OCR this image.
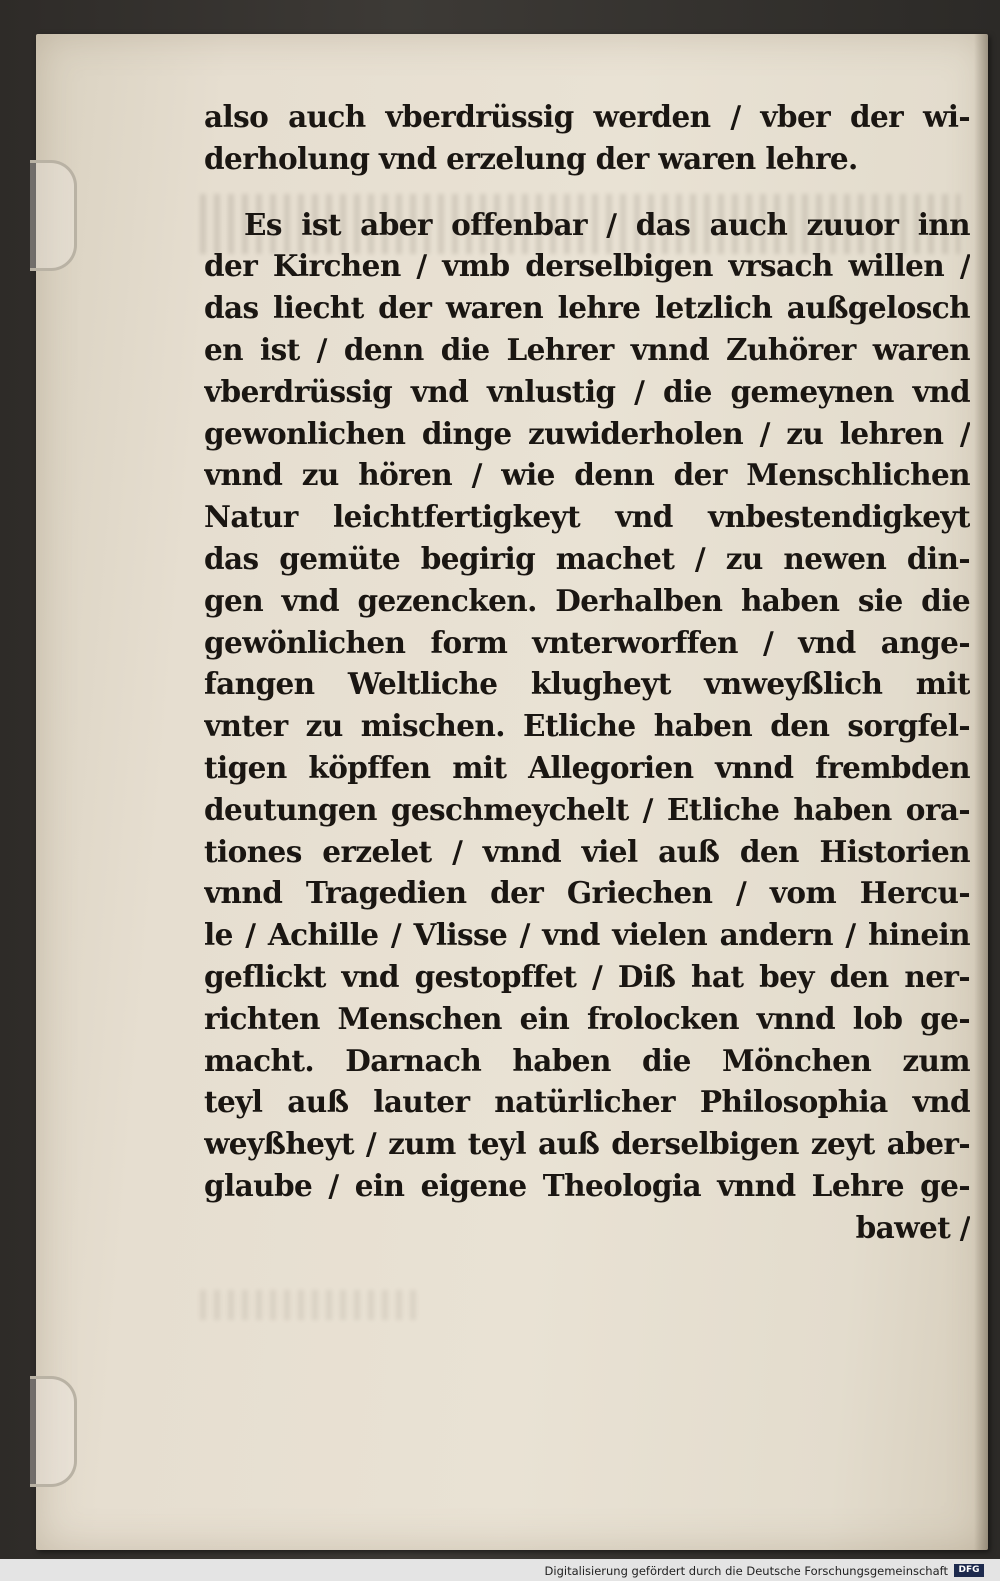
also auch vberdrüssig werden / vber der wi-
derholung vnd erzelung der waren lehre.
Es ist aber offenbar / das auch zuuor inn
der Kirchen / vmb derselbigen vrsach willen /
das liecht der waren lehre letzlich außgelosch
en ist / denn die Lehrer vnnd Zuhörer waren
vberdrüssig vnd vnlustig / die gemeynen vnd
gewonlichen dinge zuwiderholen / zu lehren /
vnnd zu hören / wie denn der Menschlichen
Natur leichtfertigkeyt vnd vnbestendigkeyt
das gemüte begirig machet / zu newen din-
gen vnd gezencken. Derhalben haben sie die
gewönlichen form vnterworffen / vnd ange-
fangen Weltliche klugheyt vnweyßlich mit
vnter zu mischen. Etliche haben den sorgfel-
tigen köpffen mit Allegorien vnnd frembden
deutungen geschmeychelt / Etliche haben ora-
tiones erzelet / vnnd viel auß den Historien
vnnd Tragedien der Griechen / vom Hercu-
le / Achille / Vlisse / vnd vielen andern / hinein
geflickt vnd gestopffet / Diß hat bey den ner-
richten Menschen ein frolocken vnnd lob ge-
macht. Darnach haben die Mönchen zum
teyl auß lauter natürlicher Philosophia vnd
weyßheyt / zum teyl auß derselbigen zeyt aber-
glaube / ein eigene Theologia vnnd Lehre ge-
bawet /
Digitalisierung gefördert durch die Deutsche Forschungsgemeinschaft	DFG
